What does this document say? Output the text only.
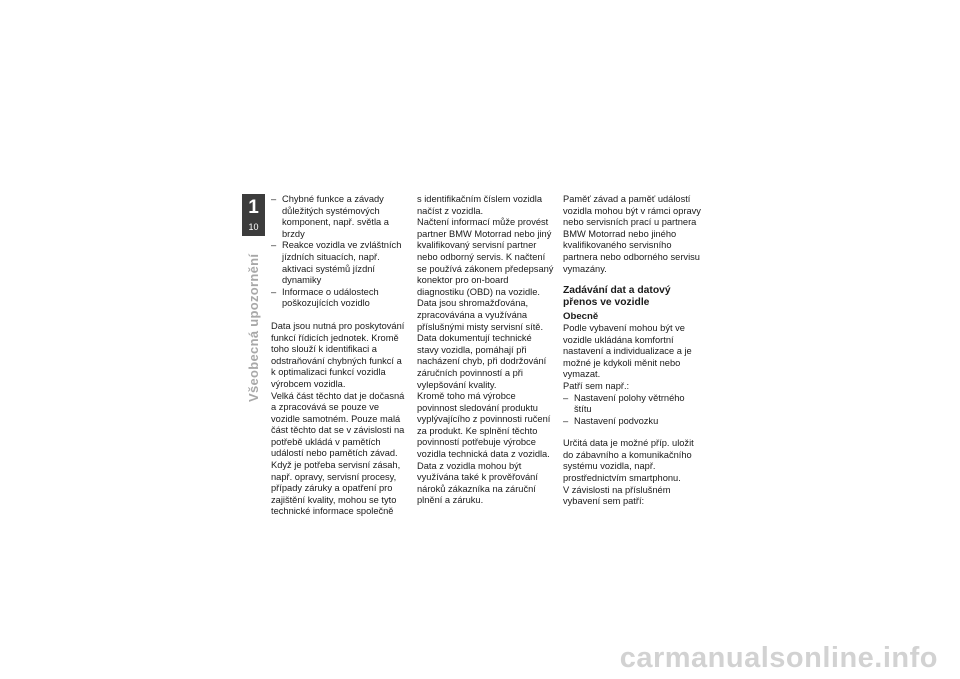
1
10
Všeobecná upozornění
– Chybné funkce a závady důležitých systémových komponent, např. světla a brzdy
– Reakce vozidla ve zvláštních jízdních situacích, např. aktivaci systémů jízdní dynamiky
– Informace o událostech poškozujících vozidlo

Data jsou nutná pro poskytování funkcí řídicích jednotek. Kromě toho slouží k identifikaci a odstraňování chybných funkcí a k optimalizaci funkcí vozidla výrobcem vozidla.

Velká část těchto dat je dočasná a zpracovává se pouze ve vozidle samotném. Pouze malá část těchto dat se v závislosti na potřebě ukládá v pamětích událostí nebo pamětích závad.

Když je potřeba servisní zásah, např. opravy, servisní procesy, případy záruky a opatření pro zajištění kvality, mohou se tyto technické informace společně

s identifikačním číslem vozidla načíst z vozidla.

Načtení informací může provést partner BMW Motorrad nebo jiný kvalifikovaný servisní partner nebo odborný servis. K načtení se používá zákonem předepsaný konektor pro on-board diagnostiku (OBD) na vozidle.

Data jsou shromažďována, zpracovávána a využívána příslušnými misty servisní sítě. Data dokumentují technické stavy vozidla, pomáhají při nacházení chyb, při dodržování záručních povinností a při vylepšování kvality.

Kromě toho má výrobce povinnost sledování produktu vyplývajícího z povinnosti ručení za produkt. Ke splnění těchto povinností potřebuje výrobce vozidla technická data z vozidla. Data z vozidla mohou být využívána také k prověřování nároků zákazníka na záruční plnění a záruku.

Paměť závad a paměť událostí vozidla mohou být v rámci opravy nebo servisních prací u partnera BMW Motorrad nebo jiného kvalifikovaného servisního partnera nebo odborného servisu vymazány.

Zadávání dat a datový přenos ve vozidle
Obecně

Podle vybavení mohou být ve vozidle ukládána komfortní nastavení a individualizace a je možné je kdykoli měnit nebo vymazat.

Patří sem např.:

– Nastavení polohy větrného štítu
– Nastavení podvozku

Určitá data je možné příp. uložit do zábavního a komunikačního systému vozidla, např. prostřednictvím smartphonu.

V závislosti na příslušném vybavení sem patří:

carmanualsonline.info
